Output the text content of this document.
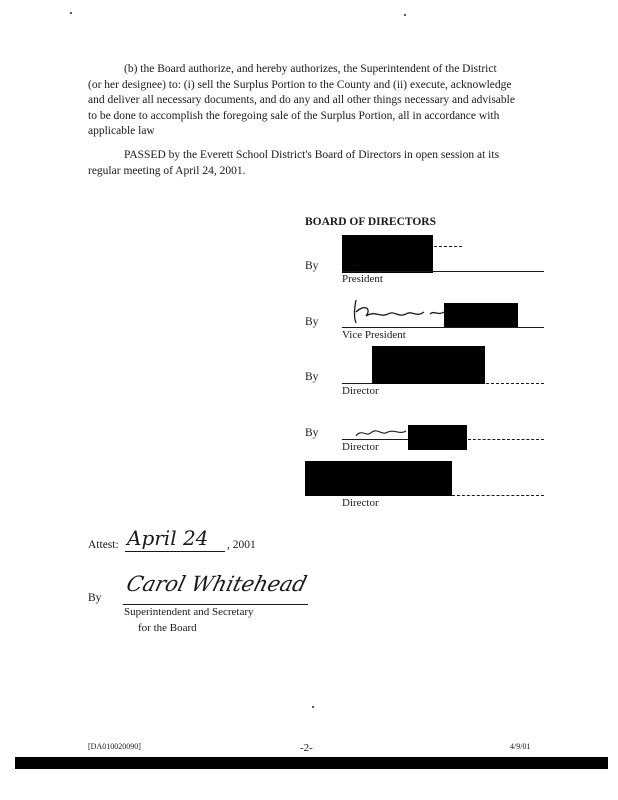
(b) the Board authorize, and hereby authorizes, the Superintendent of the District
(or her designee) to: (i) sell the Surplus Portion to the County and (ii) execute, acknowledge
and deliver all necessary documents, and do any and all other things necessary and advisable
to be done to accomplish the foregoing sale of the Surplus Portion, all in accordance with
applicable law
PASSED by the Everett School District's Board of Directors in open session at its
regular meeting of April 24, 2001.
BOARD OF DIRECTORS
By	~
President
By
Vice President
By
Director
By
Director
Director
Attest: April 24 , 2001
By
Carol Whitehead
Superintendent and Secretary
for the Board
[DA010020090]	-2-	4/9/01
